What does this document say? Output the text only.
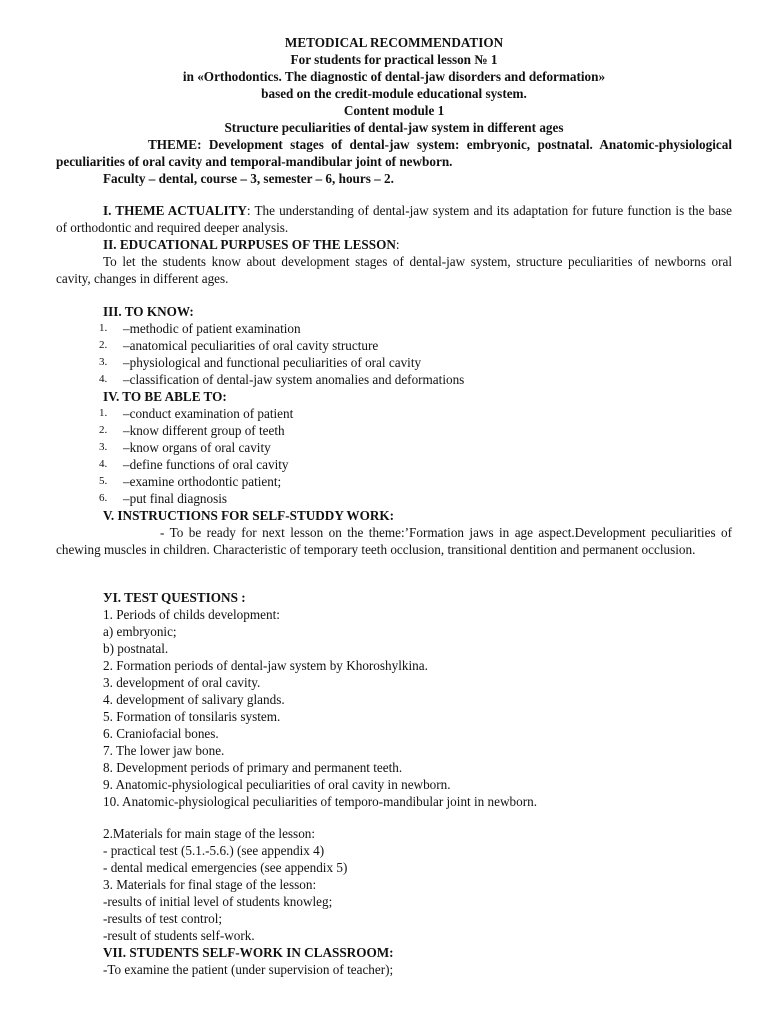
METODICAL RECOMMENDATION
For students for practical lesson № 1
in «Orthodontics. The diagnostic of dental-jaw disorders and deformation»
based on the credit-module educational system.
Content module 1
Structure peculiarities of dental-jaw system in different ages
THEME: Development stages of dental-jaw system: embryonic, postnatal. Anatomic-physiological peculiarities of oral cavity and temporal-mandibular joint of newborn.
Faculty – dental, course – 3, semester – 6, hours – 2.
I. THEME ACTUALITY: The understanding of dental-jaw system and its adaptation for future function is the base of orthodontic and required deeper analysis.
II. EDUCATIONAL PURPUSES OF THE LESSON:
To let the students know about development stages of dental-jaw system, structure peculiarities of newborns oral cavity, changes in different ages.
III. TO KNOW:
1. –methodic of patient examination
2. –anatomical peculiarities of oral cavity structure
3. –physiological and functional peculiarities of oral cavity
4. –classification of dental-jaw system anomalies and deformations
IV. TO BE ABLE TO:
1. –conduct examination of patient
2. –know different group of teeth
3. –know organs of oral cavity
4. –define functions of oral cavity
5. –examine orthodontic patient;
6. –put final diagnosis
V. INSTRUCTIONS FOR SELF-STUDDY WORK:
- To be ready for next lesson on the theme:’Formation jaws in age aspect.Development peculiarities of chewing muscles in children. Characteristic of temporary teeth occlusion, transitional dentition and permanent occlusion.
УI. TEST QUESTIONS :
1. Periods of childs development:
a) embryonic;
b) postnatal.
2. Formation periods of dental-jaw system by Khoroshylkina.
3. development of oral cavity.
4. development of salivary glands.
5. Formation of tonsilaris system.
6. Craniofacial bones.
7. The lower jaw bone.
8. Development periods of primary and permanent teeth.
9. Anatomic-physiological peculiarities of oral cavity in newborn.
10. Anatomic-physiological peculiarities of temporo-mandibular joint in newborn.
2.Materials for main stage of the lesson:
- practical test (5.1.-5.6.) (see appendix 4)
- dental medical emergencies (see appendix 5)
3. Materials for final stage of the lesson:
-results of initial level of students knowleg;
-results of test control;
-result of students self-work.
VII. STUDENTS SELF-WORK IN CLASSROOM:
-To examine the patient (under supervision of teacher);
